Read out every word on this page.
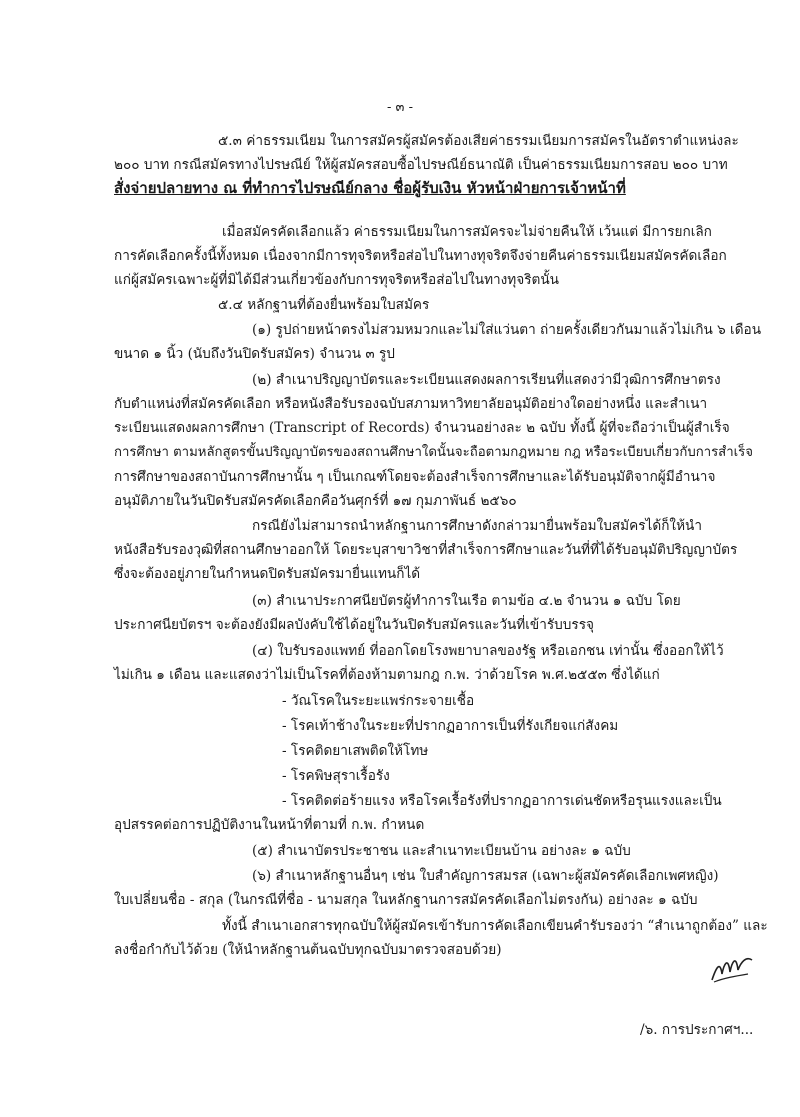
- ๓ -
๕.๓ ค่าธรรมเนียม ในการสมัครผู้สมัครต้องเสียค่าธรรมเนียมการสมัครในอัตราตำแหน่งละ
๒๐๐ บาท กรณีสมัครทางไปรษณีย์ ให้ผู้สมัครสอบซื้อไปรษณีย์ธนาณัติ เป็นค่าธรรมเนียมการสอบ ๒๐๐ บาท
สั่งจ่ายปลายทาง ณ ที่ทำการไปรษณีย์กลาง ชื่อผู้รับเงิน หัวหน้าฝ่ายการเจ้าหน้าที่
เมื่อสมัครคัดเลือกแล้ว ค่าธรรมเนียมในการสมัครจะไม่จ่ายคืนให้ เว้นแต่ มีการยกเลิก
การคัดเลือกครั้งนี้ทั้งหมด เนื่องจากมีการทุจริตหรือส่อไปในทางทุจริตจึงจ่ายคืนค่าธรรมเนียมสมัครคัดเลือก
แก่ผู้สมัครเฉพาะผู้ที่มิได้มีส่วนเกี่ยวข้องกับการทุจริตหรือส่อไปในทางทุจริตนั้น
๕.๔ หลักฐานที่ต้องยื่นพร้อมใบสมัคร
(๑) รูปถ่ายหน้าตรงไม่สวมหมวกและไม่ใส่แว่นตา ถ่ายครั้งเดียวกันมาแล้วไม่เกิน ๖ เดือน
ขนาด ๑ นิ้ว (นับถึงวันปิดรับสมัคร) จำนวน ๓ รูป
(๒) สำเนาปริญญาบัตรและระเบียนแสดงผลการเรียนที่แสดงว่ามีวุฒิการศึกษาตรง
กับตำแหน่งที่สมัครคัดเลือก หรือหนังสือรับรองฉบับสภามหาวิทยาลัยอนุมัติอย่างใดอย่างหนึ่ง และสำเนา
ระเบียนแสดงผลการศึกษา (Transcript of Records) จำนวนอย่างละ ๒ ฉบับ ทั้งนี้ ผู้ที่จะถือว่าเป็นผู้สำเร็จ
การศึกษา ตามหลักสูตรขั้นปริญญาบัตรของสถานศึกษาใดนั้นจะถือตามกฎหมาย กฎ หรือระเบียบเกี่ยวกับการสำเร็จ
การศึกษาของสถาบันการศึกษานั้น ๆ เป็นเกณฑ์โดยจะต้องสำเร็จการศึกษาและได้รับอนุมัติจากผู้มีอำนาจ
อนุมัติภายในวันปิดรับสมัครคัดเลือกคือวันศุกร์ที่ ๑๗ กุมภาพันธ์ ๒๕๖๐
กรณียังไม่สามารถนำหลักฐานการศึกษาดังกล่าวมายื่นพร้อมใบสมัครได้ก็ให้นำ
หนังสือรับรองวุฒิที่สถานศึกษาออกให้ โดยระบุสาขาวิชาที่สำเร็จการศึกษาและวันที่ที่ได้รับอนุมัติปริญญาบัตร
ซึ่งจะต้องอยู่ภายในกำหนดปิดรับสมัครมายื่นแทนก็ได้
(๓) สำเนาประกาศนียบัตรผู้ทำการในเรือ ตามข้อ ๔.๒ จำนวน ๑ ฉบับ โดย
ประกาศนียบัตรฯ จะต้องยังมีผลบังคับใช้ได้อยู่ในวันปิดรับสมัครและวันที่เข้ารับบรรจุ
(๔) ใบรับรองแพทย์ ที่ออกโดยโรงพยาบาลของรัฐ หรือเอกชน เท่านั้น ซึ่งออกให้ไว้
ไม่เกิน ๑ เดือน และแสดงว่าไม่เป็นโรคที่ต้องห้ามตามกฎ ก.พ. ว่าด้วยโรค พ.ศ.๒๕๕๓ ซึ่งได้แก่
- วัณโรคในระยะแพร่กระจายเชื้อ
- โรคเท้าช้างในระยะที่ปรากฏอาการเป็นที่รังเกียจแก่สังคม
- โรคติดยาเสพติดให้โทษ
- โรคพิษสุราเรื้อรัง
- โรคติดต่อร้ายแรง หรือโรคเรื้อรังที่ปรากฏอาการเด่นชัดหรือรุนแรงและเป็น
อุปสรรคต่อการปฏิบัติงานในหน้าที่ตามที่ ก.พ. กำหนด
(๕) สำเนาบัตรประชาชน และสำเนาทะเบียนบ้าน อย่างละ ๑ ฉบับ
(๖) สำเนาหลักฐานอื่นๆ เช่น ใบสำคัญการสมรส (เฉพาะผู้สมัครคัดเลือกเพศหญิง)
ใบเปลี่ยนชื่อ - สกุล (ในกรณีที่ชื่อ - นามสกุล ในหลักฐานการสมัครคัดเลือกไม่ตรงกัน) อย่างละ ๑ ฉบับ
ทั้งนี้ สำเนาเอกสารทุกฉบับให้ผู้สมัครเข้ารับการคัดเลือกเขียนคำรับรองว่า “สำเนาถูกต้อง” และ
ลงชื่อกำกับไว้ด้วย (ให้นำหลักฐานต้นฉบับทุกฉบับมาตรวจสอบด้วย)
/๖. การประกาศฯ...
